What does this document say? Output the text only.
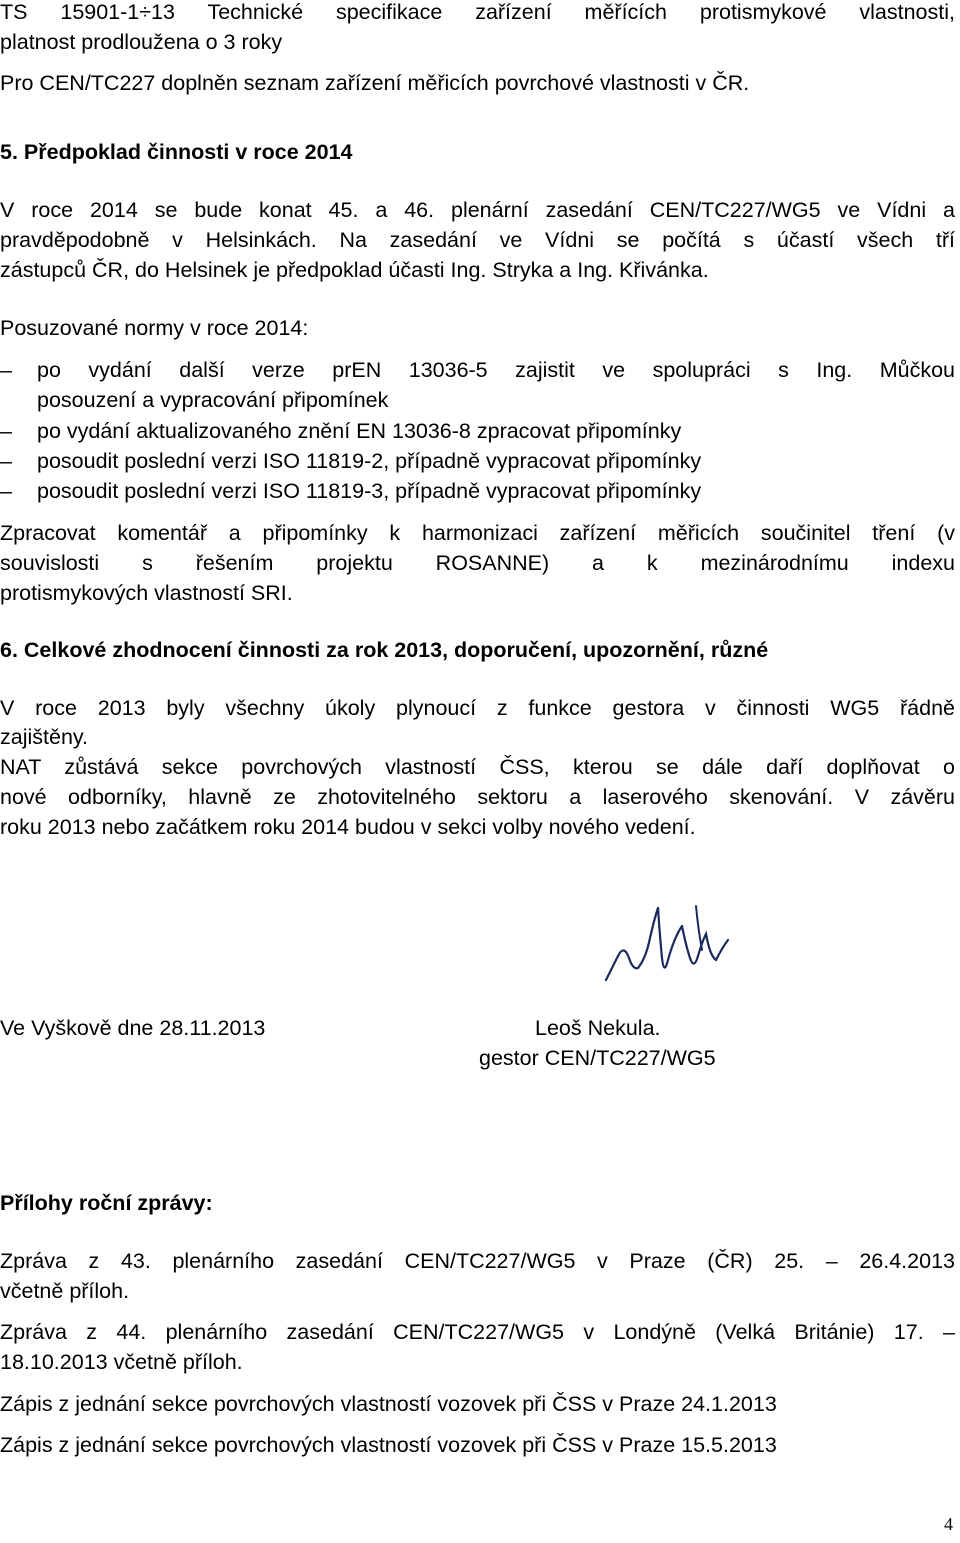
TS 15901-1÷13 Technické specifikace zařízení měřících protismykové vlastnosti,
platnost prodloužena o 3 roky
Pro CEN/TC227 doplněn seznam zařízení měřicích povrchové vlastnosti v ČR.
5. Předpoklad činnosti v roce 2014
V roce 2014 se bude konat 45. a 46. plenární zasedání CEN/TC227/WG5 ve Vídni a
pravděpodobně v Helsinkách. Na zasedání ve Vídni se počítá s účastí všech tří
zástupců ČR, do Helsinek je předpoklad účasti Ing. Stryka a Ing. Křivánka.
Posuzované normy v roce 2014:
– po vydání další verze prEN 13036-5 zajistit ve spolupráci s Ing. Můčkou
posouzení a vypracování připomínek
– po vydání aktualizovaného znění EN 13036-8 zpracovat připomínky
– posoudit poslední verzi ISO 11819-2, případně vypracovat připomínky
– posoudit poslední verzi ISO 11819-3, případně vypracovat připomínky
Zpracovat komentář a připomínky k harmonizaci zařízení měřicích součinitel tření (v
souvislosti s řešením projektu ROSANNE) a k mezinárodnímu indexu
protismykových vlastností SRI.
6. Celkové zhodnocení činnosti za rok 2013, doporučení, upozornění, různé
V roce 2013 byly všechny úkoly plynoucí z funkce gestora v činnosti WG5 řádně
zajištěny.
NAT zůstává sekce povrchových vlastností ČSS, kterou se dále daří doplňovat o
nové odborníky, hlavně ze zhotovitelného sektoru a laserového skenování. V závěru
roku 2013 nebo začátkem roku 2014 budou v sekci volby nového vedení.
Ve Vyškově dne 28.11.2013	Leoš Nekula.
gestor CEN/TC227/WG5
Přílohy roční zprávy:
Zpráva z 43. plenárního zasedání CEN/TC227/WG5 v Praze (ČR) 25. – 26.4.2013
včetně příloh.
Zpráva z 44. plenárního zasedání CEN/TC227/WG5 v Londýně (Velká Británie) 17. –
18.10.2013 včetně příloh.
Zápis z jednání sekce povrchových vlastností vozovek při ČSS v Praze 24.1.2013
Zápis z jednání sekce povrchových vlastností vozovek při ČSS v Praze 15.5.2013
4
